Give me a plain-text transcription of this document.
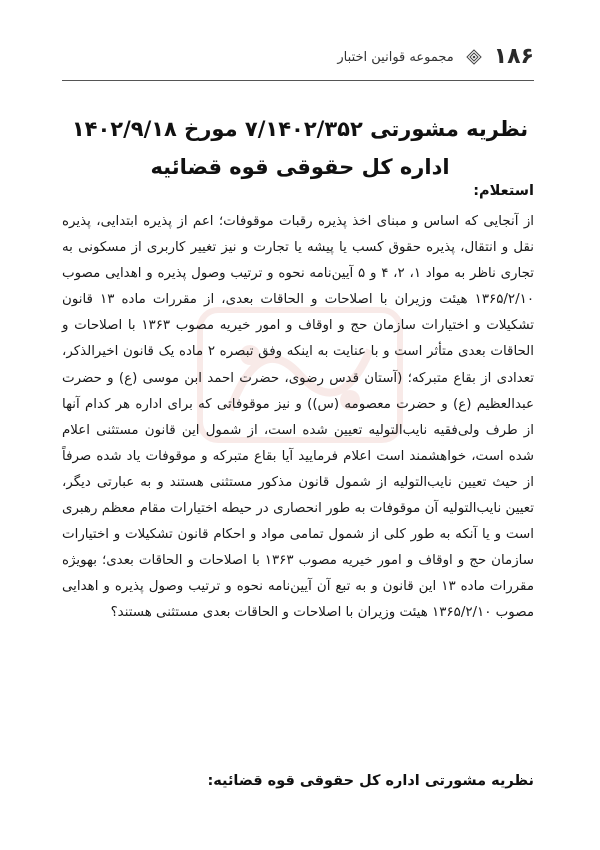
۱۸۶
مجموعه قوانین اختبار
نظریه مشورتی ۷/۱۴۰۲/۳۵۲ مورخ ۱۴۰۲/۹/۱۸
اداره کل حقوقی قوه قضائیه
استعلام:
از آنجایی که اساس و مبنای اخذ پذیره رقبات موقوفات؛ اعم از پذیره ابتدایی، پذیره نقل و انتقال، پذیره حقوق کسب یا پیشه یا تجارت و نیز تغییر کاربری از مسکونی به تجاری ناظر به مواد ۱، ۲، ۴ و ۵ آیین‌نامه نحوه و ترتیب وصول پذیره و اهدایی مصوب ۱۳۶۵/۲/۱۰ هیئت وزیران با اصلاحات و الحاقات بعدی، از مقررات ماده ۱۳ قانون تشکیلات و اختیارات سازمان حج و اوقاف و امور خیریه مصوب ۱۳۶۳ با اصلاحات و الحاقات بعدی متأثر است و با عنایت به اینکه وفق تبصره ۲ ماده یک قانون اخیرالذکر، تعدادی از بقاع متبرکه؛ (آستان قدس رضوی، حضرت احمد ابن موسی (ع) و حضرت عبدالعظیم (ع) و حضرت معصومه (س)) و نیز موقوفاتی که برای اداره هر کدام آنها از طرف ولی‌فقیه نایب‌التولیه تعیین شده است، از شمول این قانون مستثنی اعلام شده است، خواهشمند است اعلام فرمایید آیا بقاع متبرکه و موقوفات یاد شده صرفاً از حیث تعیین نایب‌التولیه از شمول قانون مذکور مستثنی هستند و به عبارتی دیگر، تعیین نایب‌التولیه آن موقوفات به طور انحصاری در حیطه اختیارات مقام معظم رهبری است و یا آنکه به طور کلی از شمول تمامی مواد و احکام قانون تشکیلات و اختیارات سازمان حج و اوقاف و امور خیریه مصوب ۱۳۶۳ با اصلاحات و الحاقات بعدی؛ بهویژه مقررات ماده ۱۳ این قانون و به تبع آن آیین‌نامه نحوه و ترتیب وصول پذیره و اهدایی مصوب ۱۳۶۵/۲/۱۰ هیئت وزیران با اصلاحات و الحاقات بعدی مستثنی هستند؟
نظریه مشورتی اداره کل حقوقی قوه قضائیه:
